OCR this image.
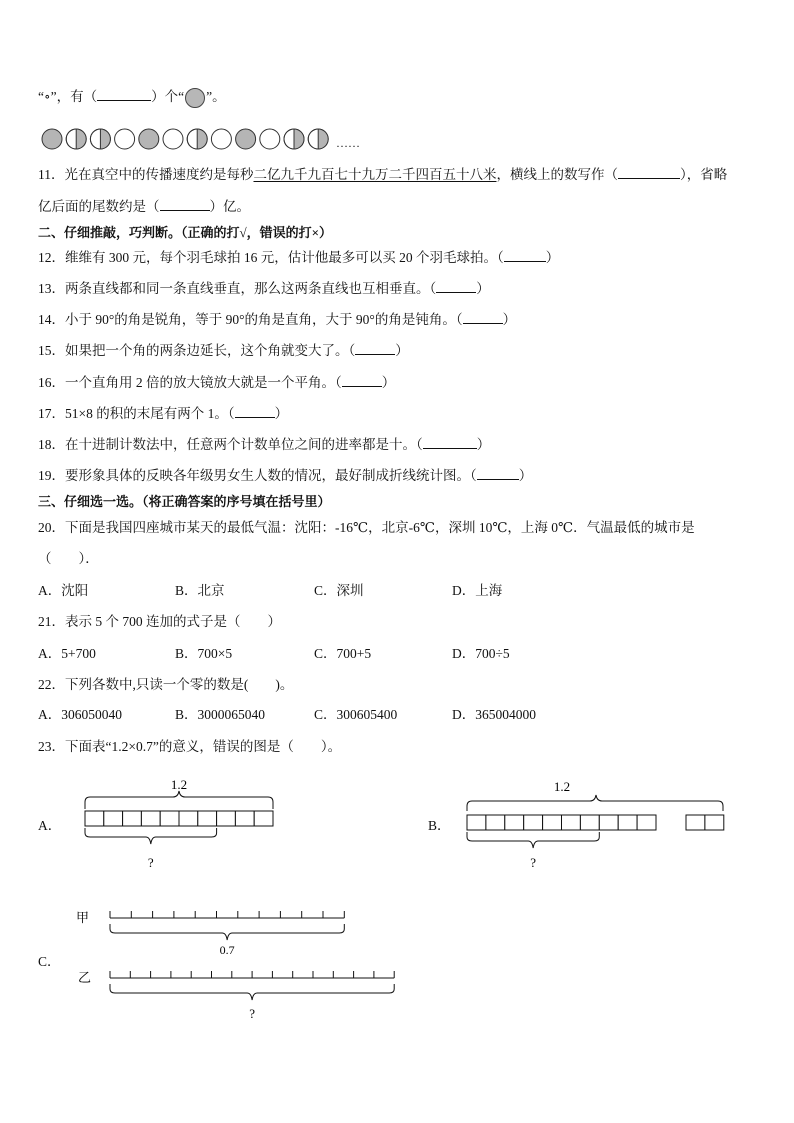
“∘”，有（	）个“ ”。
……
11．光在真空中的传播速度约是每秒二亿九千九百七十九万二千四百五十八米，横线上的数写作（	），省略
亿后面的尾数约是（	）亿。
二、仔细推敲，巧判断。（正确的打√，错误的打×）
12．维维有 300 元，每个羽毛球拍 16 元，估计他最多可以买 20 个羽毛球拍。（	）
13．两条直线都和同一条直线垂直，那么这两条直线也互相垂直。（	）
14．小于 90°的角是锐角，等于 90°的角是直角，大于 90°的角是钝角。（	）
15．如果把一个角的两条边延长，这个角就变大了。（	）
16．一个直角用 2 倍的放大镜放大就是一个平角。（	）
17．51×8 的积的末尾有两个 1。（	）
18．在十进制计数法中，任意两个计数单位之间的进率都是十。（	）
19．要形象具体的反映各年级男女生人数的情况，最好制成折线统计图。（	）
三、仔细选一选。（将正确答案的序号填在括号里）
20．下面是我国四座城市某天的最低气温：沈阳：-16℃，北京-6℃，深圳 10℃，上海 0℃．气温最低的城市是
（　　）．
A．沈阳	B．北京	C．深圳	D．上海
21．表示 5 个 700 连加的式子是（　　）
A．5+700	B．700×5	C．700+5	D．700÷5
22．下列各数中,只读一个零的数是(　　)。
A．306050040	B．3000065040	C．300605400	D．365004000
23．下面表“1.2×0.7”的意义，错误的图是（　　）。
A．
1.2
?
B．
1.2
?
C．
甲
0.7
乙
?
